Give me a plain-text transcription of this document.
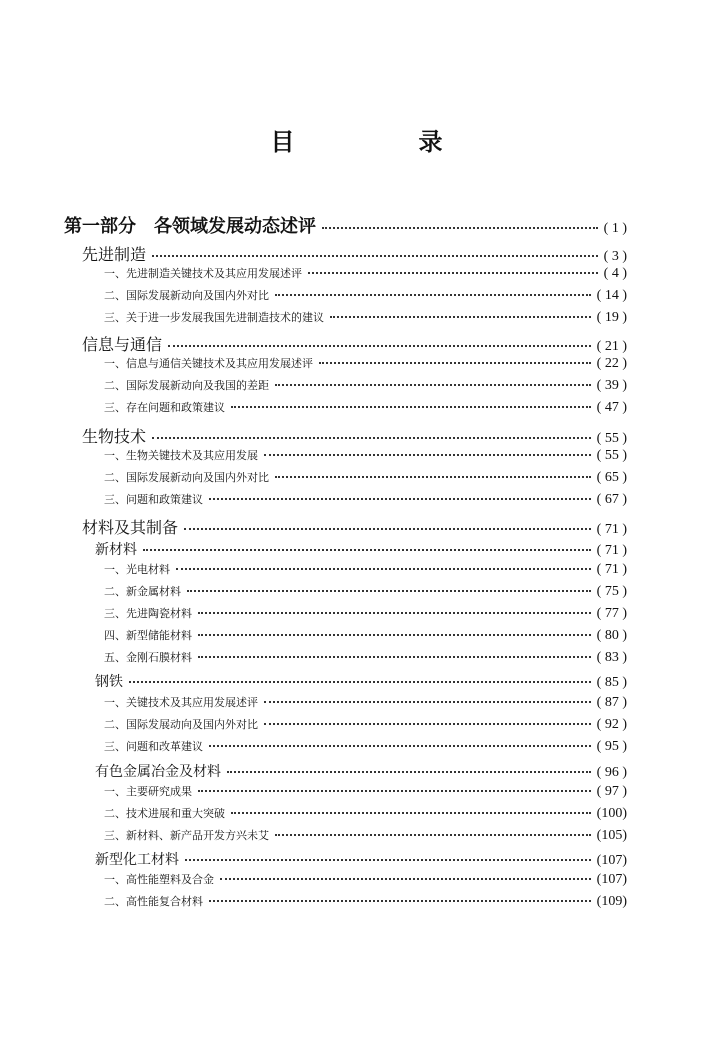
目　录
第一部分　各领域发展动态述评	( 1 )
先进制造	( 3 )
一、先进制造关键技术及其应用发展述评	( 4 )
二、国际发展新动向及国内外对比	( 14 )
三、关于进一步发展我国先进制造技术的建议	( 19 )
信息与通信	( 21 )
一、信息与通信关键技术及其应用发展述评	( 22 )
二、国际发展新动向及我国的差距	( 39 )
三、存在问题和政策建议	( 47 )
生物技术	( 55 )
一、生物关键技术及其应用发展	( 55 )
二、国际发展新动向及国内外对比	( 65 )
三、问题和政策建议	( 67 )
材料及其制备	( 71 )
新材料	( 71 )
一、光电材料	( 71 )
二、新金属材料	( 75 )
三、先进陶瓷材料	( 77 )
四、新型储能材料	( 80 )
五、金刚石膜材料	( 83 )
钢铁	( 85 )
一、关键技术及其应用发展述评	( 87 )
二、国际发展动向及国内外对比	( 92 )
三、问题和改革建议	( 95 )
有色金属冶金及材料	( 96 )
一、主要研究成果	( 97 )
二、技术进展和重大突破	(100)
三、新材料、新产品开发方兴未艾	(105)
新型化工材料	(107)
一、高性能塑料及合金	(107)
二、高性能复合材料	(109)
